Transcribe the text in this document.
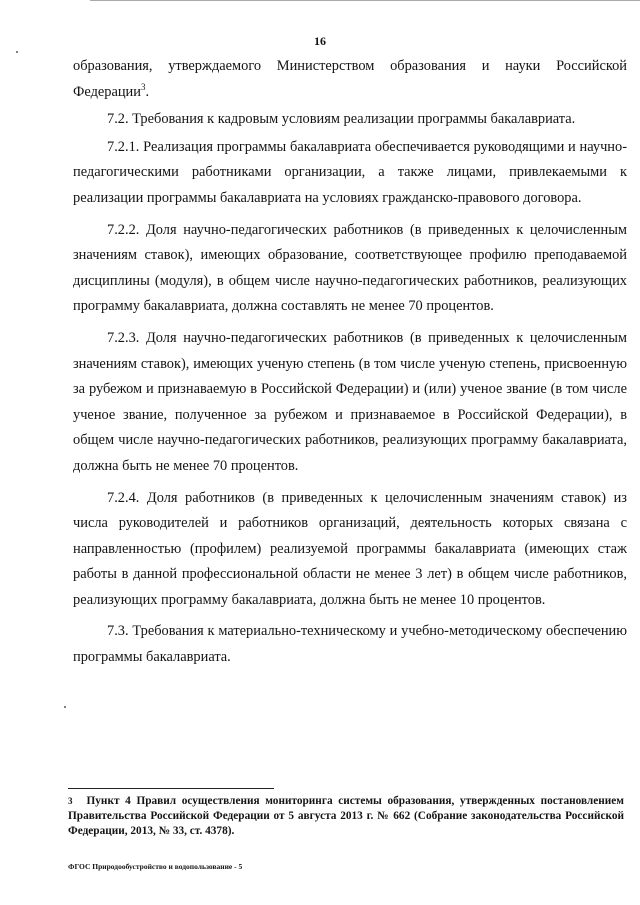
16

образования, утверждаемого Министерством образования и науки Российской Федерации$^3$.

7.2. Требования к кадровым условиям реализации программы бакалавриата.

7.2.1. Реализация программы бакалавриата обеспечивается руководящими и научно-педагогическими работниками организации, а также лицами, привлекаемыми к реализации программы бакалавриата на условиях гражданско-правового договора.

7.2.2. Доля научно-педагогических работников (в приведенных к целочисленным значениям ставок), имеющих образование, соответствующее профилю преподаваемой дисциплины (модуля), в общем числе научно-педагогических работников, реализующих программу бакалавриата, должна составлять не менее 70 процентов.

7.2.3. Доля научно-педагогических работников (в приведенных к целочисленным значениям ставок), имеющих ученую степень (в том числе ученую степень, присвоенную за рубежом и признаваемую в Российской Федерации) и (или) ученое звание (в том числе ученое звание, полученное за рубежом и признаваемое в Российской Федерации), в общем числе научно-педагогических работников, реализующих программу бакалавриата, должна быть не менее 70 процентов.

7.2.4. Доля работников (в приведенных к целочисленным значениям ставок) из числа руководителей и работников организаций, деятельность которых связана с направленностью (профилем) реализуемой программы бакалавриата (имеющих стаж работы в данной профессиональной области не менее 3 лет) в общем числе работников, реализующих программу бакалавриата, должна быть не менее 10 процентов.

7.3. Требования к материально-техническому и учебно-методическому обеспечению программы бакалавриата.

$^3$ Пункт 4 Правил осуществления мониторинга системы образования, утвержденных постановлением Правительства Российской Федерации от 5 августа 2013 г. № 662 (Собрание законодательства Российской Федерации, 2013, № 33, ст. 4378).
ФГОС Природообустройство и водопользование - 5
